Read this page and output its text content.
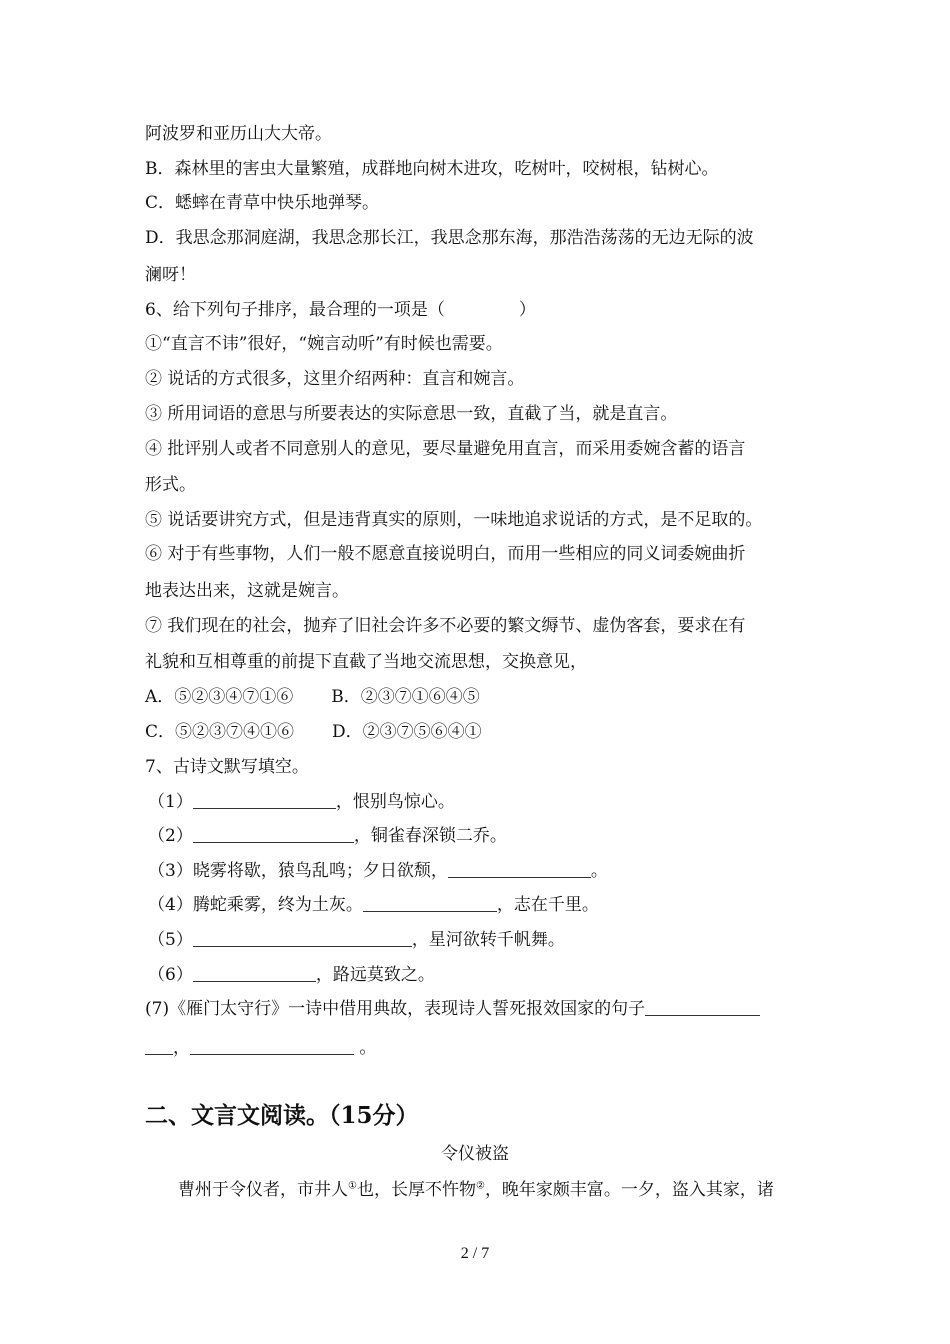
阿波罗和亚历山大大帝。
B．森林里的害虫大量繁殖，成群地向树木进攻，吃树叶，咬树根，钻树心。
C．蟋蟀在青草中快乐地弹琴。
D．我思念那洞庭湖，我思念那长江，我思念那东海，那浩浩荡荡的无边无际的波
澜呀！
6、给下列句子排序，最合理的一项是（	）
①“直言不讳”很好，“婉言动听”有时候也需要。
② 说话的方式很多，这里介绍两种：直言和婉言。
③ 所用词语的意思与所要表达的实际意思一致，直截了当，就是直言。
④ 批评别人或者不同意别人的意见，要尽量避免用直言，而采用委婉含蓄的语言
形式。
⑤ 说话要讲究方式，但是违背真实的原则，一味地追求说话的方式，是不足取的。
⑥ 对于有些事物，人们一般不愿意直接说明白，而用一些相应的同义词委婉曲折
地表达出来，这就是婉言。
⑦ 我们现在的社会，抛弃了旧社会许多不必要的繁文缛节、虚伪客套，要求在有
礼貌和互相尊重的前提下直截了当地交流思想，交换意见，
A．⑤②③④⑦①⑥ B．②③⑦①⑥④⑤
C．⑤②③⑦④①⑥ D．②③⑦⑤⑥④①
7、古诗文默写填空。
（1）	，恨别鸟惊心。
（2）	，铜雀春深锁二乔。
（3）晓雾将歇，猿鸟乱鸣；夕日欲颓，	。
（4）腾蛇乘雾，终为土灰。	，志在千里。
（5）	，星河欲转千帆舞。
（6）	，路远莫致之。
(7)《雁门太守行》一诗中借用典故，表现诗人誓死报效国家的句子
，	。
二、文言文阅读。（15分）
令仪被盗
曹州于令仪者，市井人①也，长厚不忤物②，晚年家颇丰富。一夕，盗入其家，诸
2 / 7
